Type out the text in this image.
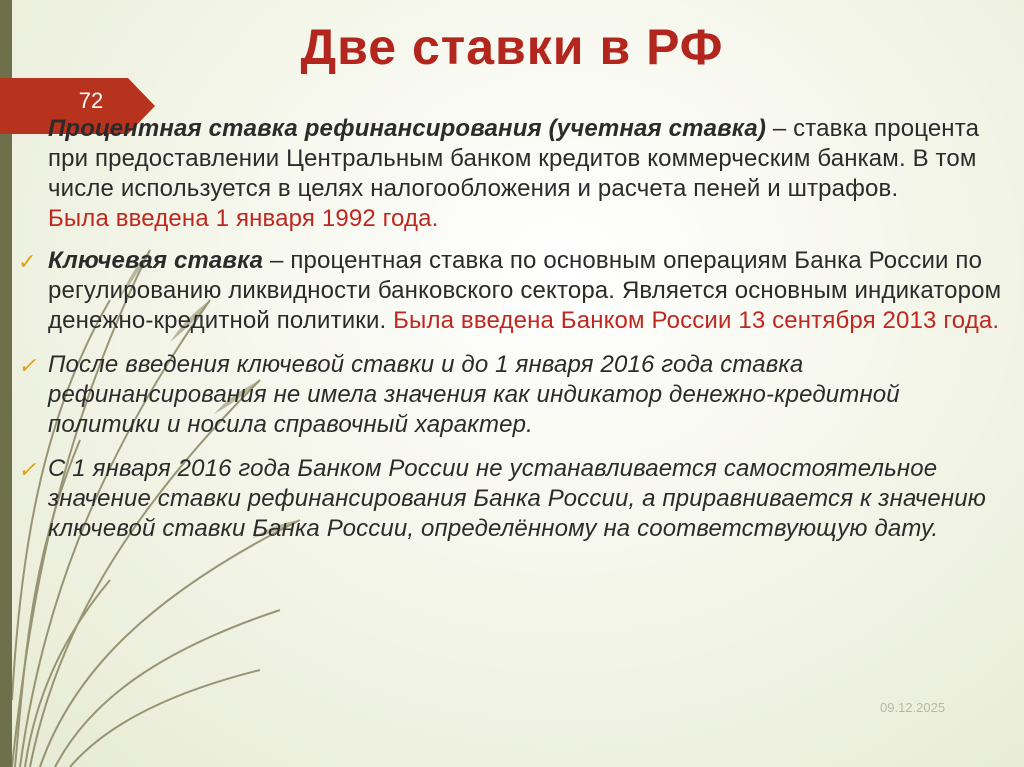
72
Две ставки в РФ

Процентная ставка рефинансирования (учетная ставка) – ставка процента при предоставлении Центральным банком кредитов коммерческим банкам. В том числе используется в целях налогообложения и расчета пеней и штрафов.
Была введена 1 января 1992 года.

✓ Ключевая ставка – процентная ставка по основным операциям Банка России по регулированию ликвидности банковского сектора. Является основным индикатором денежно-кредитной политики. Была введена Банком России 13 сентября 2013 года.

✓ После введения ключевой ставки и до 1 января 2016 года ставка рефинансирования не имела значения как индикатор денежно-кредитной политики и носила справочный характер.

✓ С 1 января 2016 года Банком России не устанавливается самостоятельное значение ставки рефинансирования Банка России, а приравнивается к значению ключевой ставки Банка России, определённому на соответствующую дату.

09.12.2025
